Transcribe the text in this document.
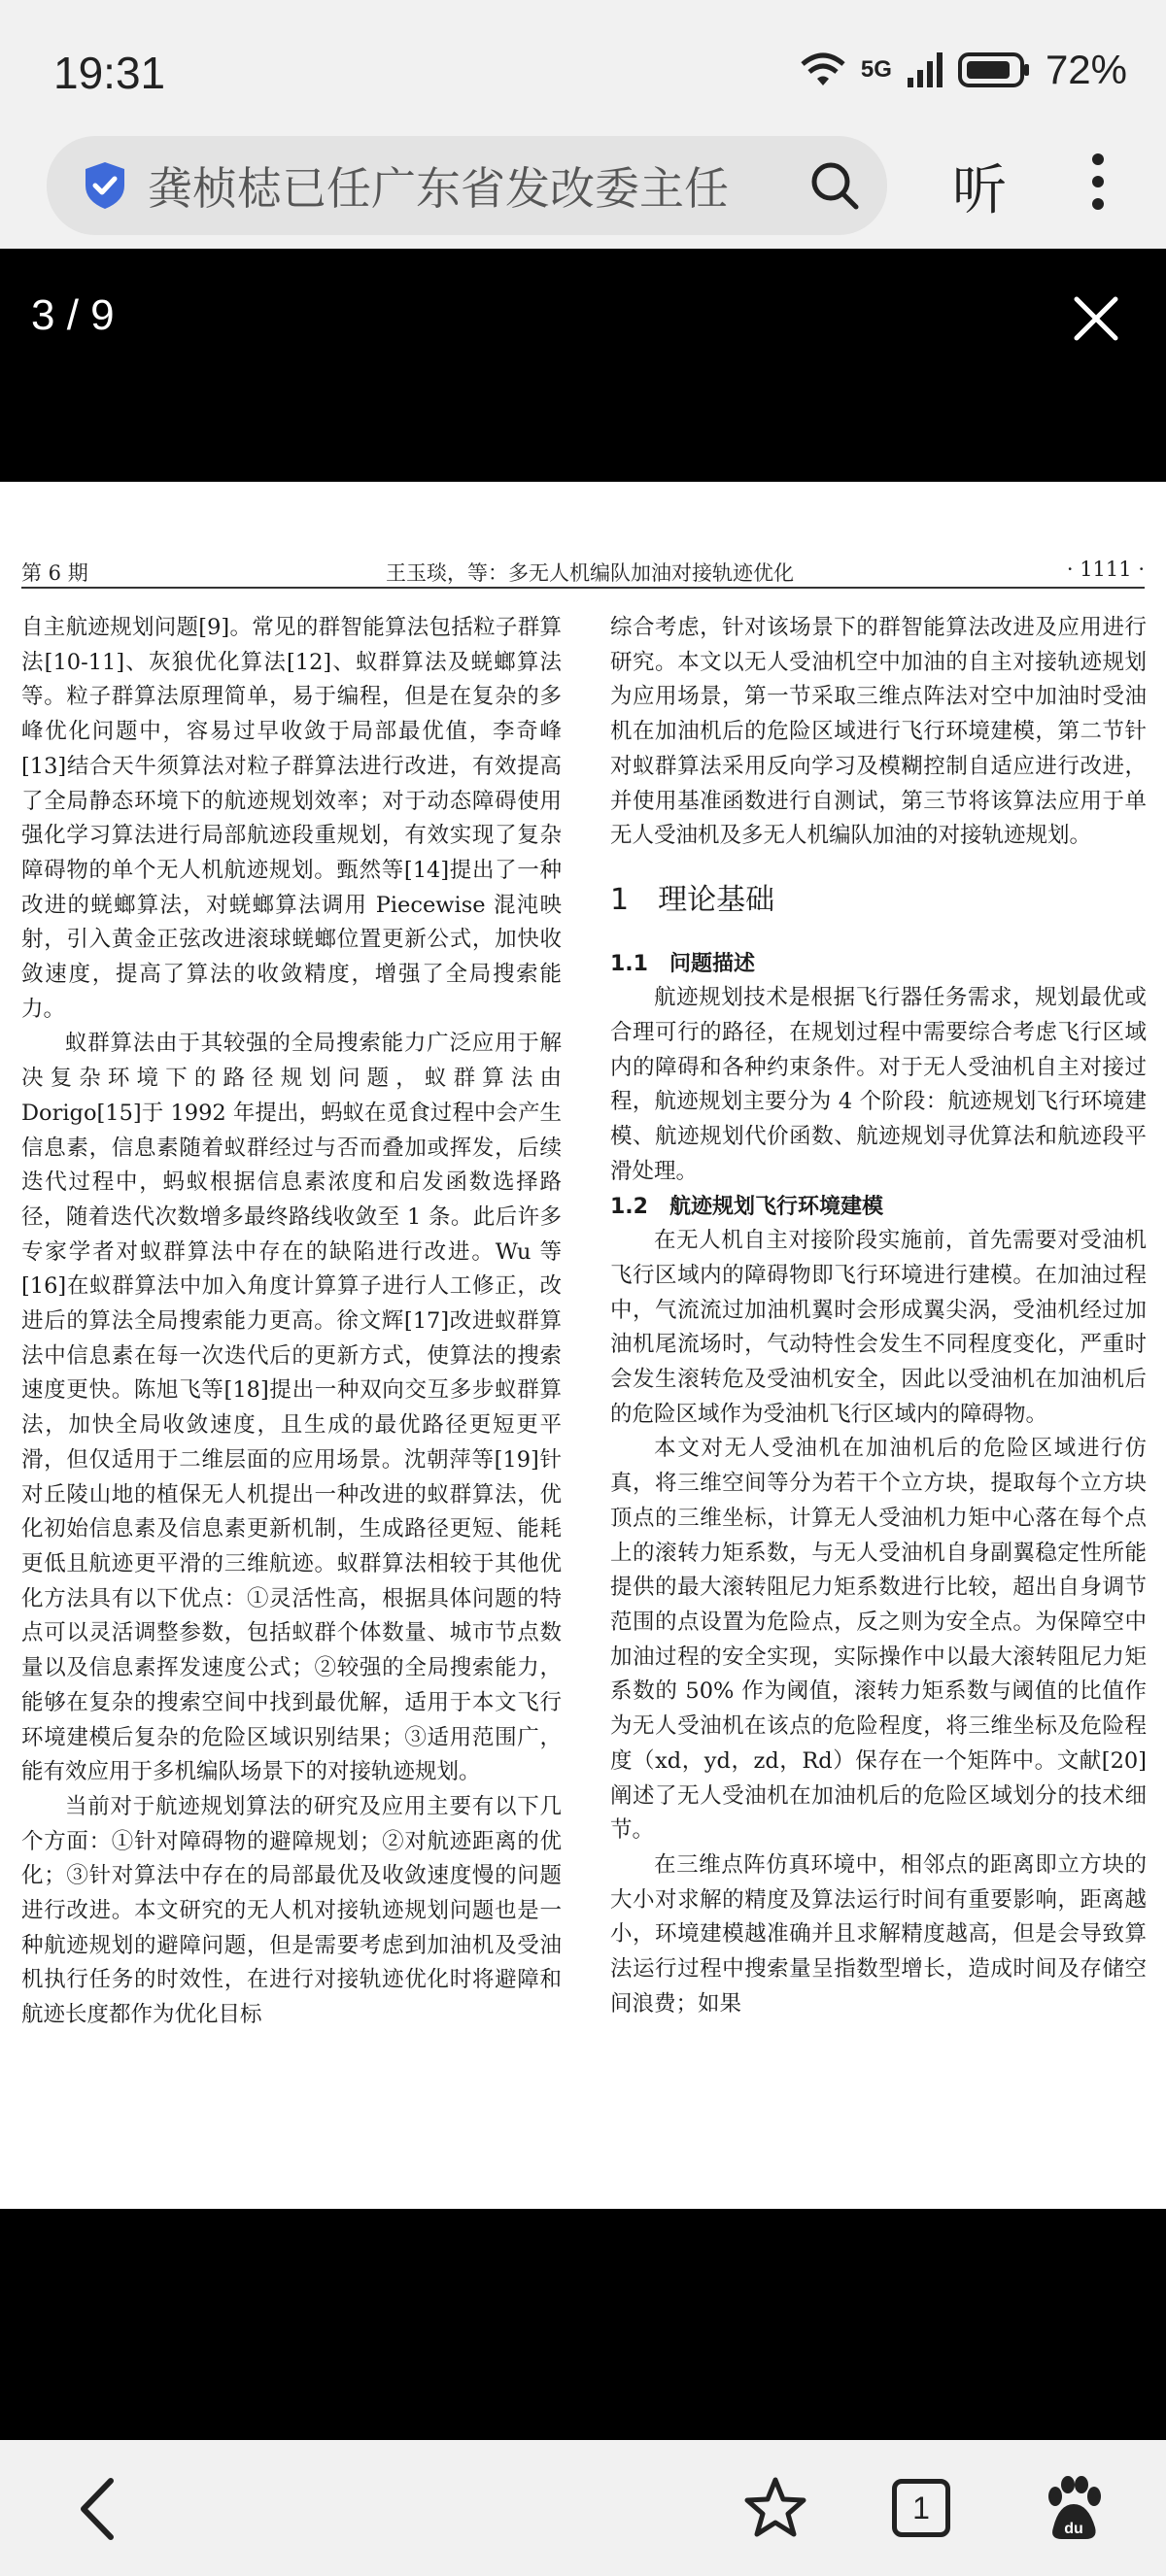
19:31	5G	72%
龚桢梽已任广东省发改委主任	听
3 / 9
第 6 期	王玉琰，等：多无人机编队加油对接轨迹优化	· 1111 ·

自主航迹规划问题[9]。常见的群智能算法包括粒子群算法[10-11]、灰狼优化算法[12]、蚁群算法及蜣螂算法等。粒子群算法原理简单，易于编程，但是在复杂的多峰优化问题中，容易过早收敛于局部最优值，李奇峰[13]结合天牛须算法对粒子群算法进行改进，有效提高了全局静态环境下的航迹规划效率；对于动态障碍使用强化学习算法进行局部航迹段重规划，有效实现了复杂障碍物的单个无人机航迹规划。甄然等[14]提出了一种改进的蜣螂算法，对蜣螂算法调用 Piecewise 混沌映射，引入黄金正弦改进滚球蜣螂位置更新公式，加快收敛速度，提高了算法的收敛精度，增强了全局搜索能力。

蚁群算法由于其较强的全局搜索能力广泛应用于解决复杂环境下的路径规划问题，蚁群算法由 Dorigo[15]于 1992 年提出，蚂蚁在觅食过程中会产生信息素，信息素随着蚁群经过与否而叠加或挥发，后续迭代过程中，蚂蚁根据信息素浓度和启发函数选择路径，随着迭代次数增多最终路线收敛至 1 条。此后许多专家学者对蚁群算法中存在的缺陷进行改进。Wu 等[16]在蚁群算法中加入角度计算算子进行人工修正，改进后的算法全局搜索能力更高。徐文辉[17]改进蚁群算法中信息素在每一次迭代后的更新方式，使算法的搜索速度更快。陈旭飞等[18]提出一种双向交互多步蚁群算法，加快全局收敛速度，且生成的最优路径更短更平滑，但仅适用于二维层面的应用场景。沈朝萍等[19]针对丘陵山地的植保无人机提出一种改进的蚁群算法，优化初始信息素及信息素更新机制，生成路径更短、能耗更低且航迹更平滑的三维航迹。蚁群算法相较于其他优化方法具有以下优点：①灵活性高，根据具体问题的特点可以灵活调整参数，包括蚁群个体数量、城市节点数量以及信息素挥发速度公式；②较强的全局搜索能力，能够在复杂的搜索空间中找到最优解，适用于本文飞行环境建模后复杂的危险区域识别结果；③适用范围广，能有效应用于多机编队场景下的对接轨迹规划。

当前对于航迹规划算法的研究及应用主要有以下几个方面：①针对障碍物的避障规划；②对航迹距离的优化；③针对算法中存在的局部最优及收敛速度慢的问题进行改进。本文研究的无人机对接轨迹规划问题也是一种航迹规划的避障问题，但是需要考虑到加油机及受油机执行任务的时效性，在进行对接轨迹优化时将避障和航迹长度都作为优化目标

综合考虑，针对该场景下的群智能算法改进及应用进行研究。本文以无人受油机空中加油的自主对接轨迹规划为应用场景，第一节采取三维点阵法对空中加油时受油机在加油机后的危险区域进行飞行环境建模，第二节针对蚁群算法采用反向学习及模糊控制自适应进行改进，并使用基准函数进行自测试，第三节将该算法应用于单无人受油机及多无人机编队加油的对接轨迹规划。

1　理论基础
1.1　问题描述

航迹规划技术是根据飞行器任务需求，规划最优或合理可行的路径，在规划过程中需要综合考虑飞行区域内的障碍和各种约束条件。对于无人受油机自主对接过程，航迹规划主要分为 4 个阶段：航迹规划飞行环境建模、航迹规划代价函数、航迹规划寻优算法和航迹段平滑处理。

1.2　航迹规划飞行环境建模

在无人机自主对接阶段实施前，首先需要对受油机飞行区域内的障碍物即飞行环境进行建模。在加油过程中，气流流过加油机翼时会形成翼尖涡，受油机经过加油机尾流场时，气动特性会发生不同程度变化，严重时会发生滚转危及受油机安全，因此以受油机在加油机后的危险区域作为受油机飞行区域内的障碍物。

本文对无人受油机在加油机后的危险区域进行仿真，将三维空间等分为若干个立方块，提取每个立方块顶点的三维坐标，计算无人受油机力矩中心落在每个点上的滚转力矩系数，与无人受油机自身副翼稳定性所能提供的最大滚转阻尼力矩系数进行比较，超出自身调节范围的点设置为危险点，反之则为安全点。为保障空中加油过程的安全实现，实际操作中以最大滚转阻尼力矩系数的 50% 作为阈值，滚转力矩系数与阈值的比值作为无人受油机在该点的危险程度，将三维坐标及危险程度（xd，yd，zd，Rd）保存在一个矩阵中。文献[20]阐述了无人受油机在加油机后的危险区域划分的技术细节。

在三维点阵仿真环境中，相邻点的距离即立方块的大小对求解的精度及算法运行时间有重要影响，距离越小，环境建模越准确并且求解精度越高，但是会导致算法运行过程中搜索量呈指数型增长，造成时间及存储空间浪费；如果

1
du
